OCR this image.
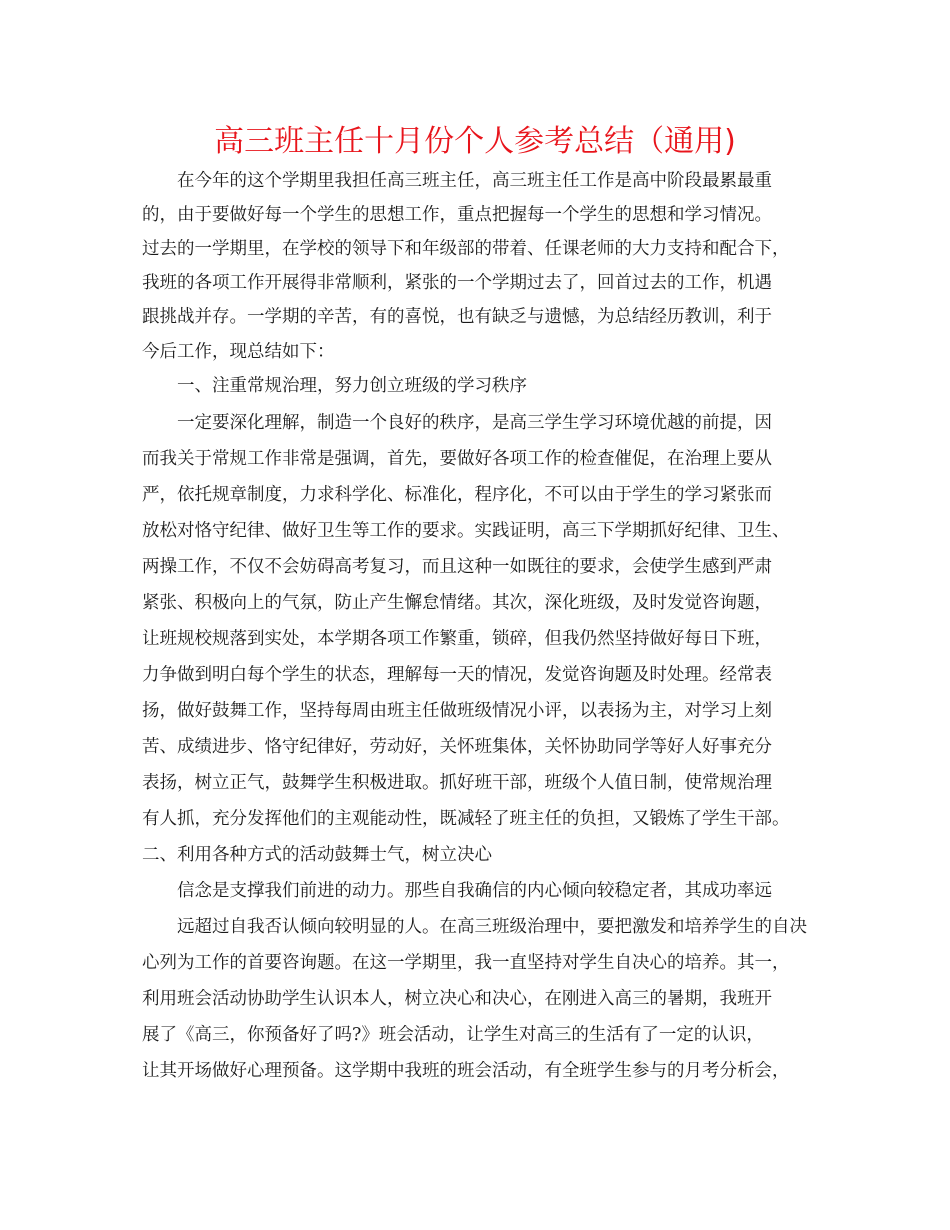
高三班主任十月份个人参考总结（通用)
在今年的这个学期里我担任高三班主任，高三班主任工作是高中阶段最累最重
的，由于要做好每一个学生的思想工作，重点把握每一个学生的思想和学习情况。
过去的一学期里，在学校的领导下和年级部的带着、任课老师的大力支持和配合下，
我班的各项工作开展得非常顺利，紧张的一个学期过去了，回首过去的工作，机遇
跟挑战并存。一学期的辛苦，有的喜悦，也有缺乏与遗憾，为总结经历教训，利于
今后工作，现总结如下：
一、注重常规治理，努力创立班级的学习秩序
一定要深化理解，制造一个良好的秩序，是高三学生学习环境优越的前提，因
而我关于常规工作非常是强调，首先，要做好各项工作的检查催促，在治理上要从
严，依托规章制度，力求科学化、标准化，程序化，不可以由于学生的学习紧张而
放松对恪守纪律、做好卫生等工作的要求。实践证明，高三下学期抓好纪律、卫生、
两操工作，不仅不会妨碍高考复习，而且这种一如既往的要求，会使学生感到严肃
紧张、积极向上的气氛，防止产生懈怠情绪。其次，深化班级，及时发觉咨询题，
让班规校规落到实处，本学期各项工作繁重，锁碎，但我仍然坚持做好每日下班，
力争做到明白每个学生的状态，理解每一天的情况，发觉咨询题及时处理。经常表
扬，做好鼓舞工作，坚持每周由班主任做班级情况小评，以表扬为主，对学习上刻
苦、成绩进步、恪守纪律好，劳动好，关怀班集体，关怀协助同学等好人好事充分
表扬，树立正气，鼓舞学生积极进取。抓好班干部，班级个人值日制，使常规治理
有人抓，充分发挥他们的主观能动性，既减轻了班主任的负担，又锻炼了学生干部。
二、利用各种方式的活动鼓舞士气，树立决心
信念是支撑我们前进的动力。那些自我确信的内心倾向较稳定者，其成功率远
远超过自我否认倾向较明显的人。在高三班级治理中，要把激发和培养学生的自决
心列为工作的首要咨询题。在这一学期里，我一直坚持对学生自决心的培养。其一，
利用班会活动协助学生认识本人，树立决心和决心，在刚进入高三的暑期，我班开
展了《高三，你预备好了吗?》班会活动，让学生对高三的生活有了一定的认识，
让其开场做好心理预备。这学期中我班的班会活动，有全班学生参与的月考分析会，
